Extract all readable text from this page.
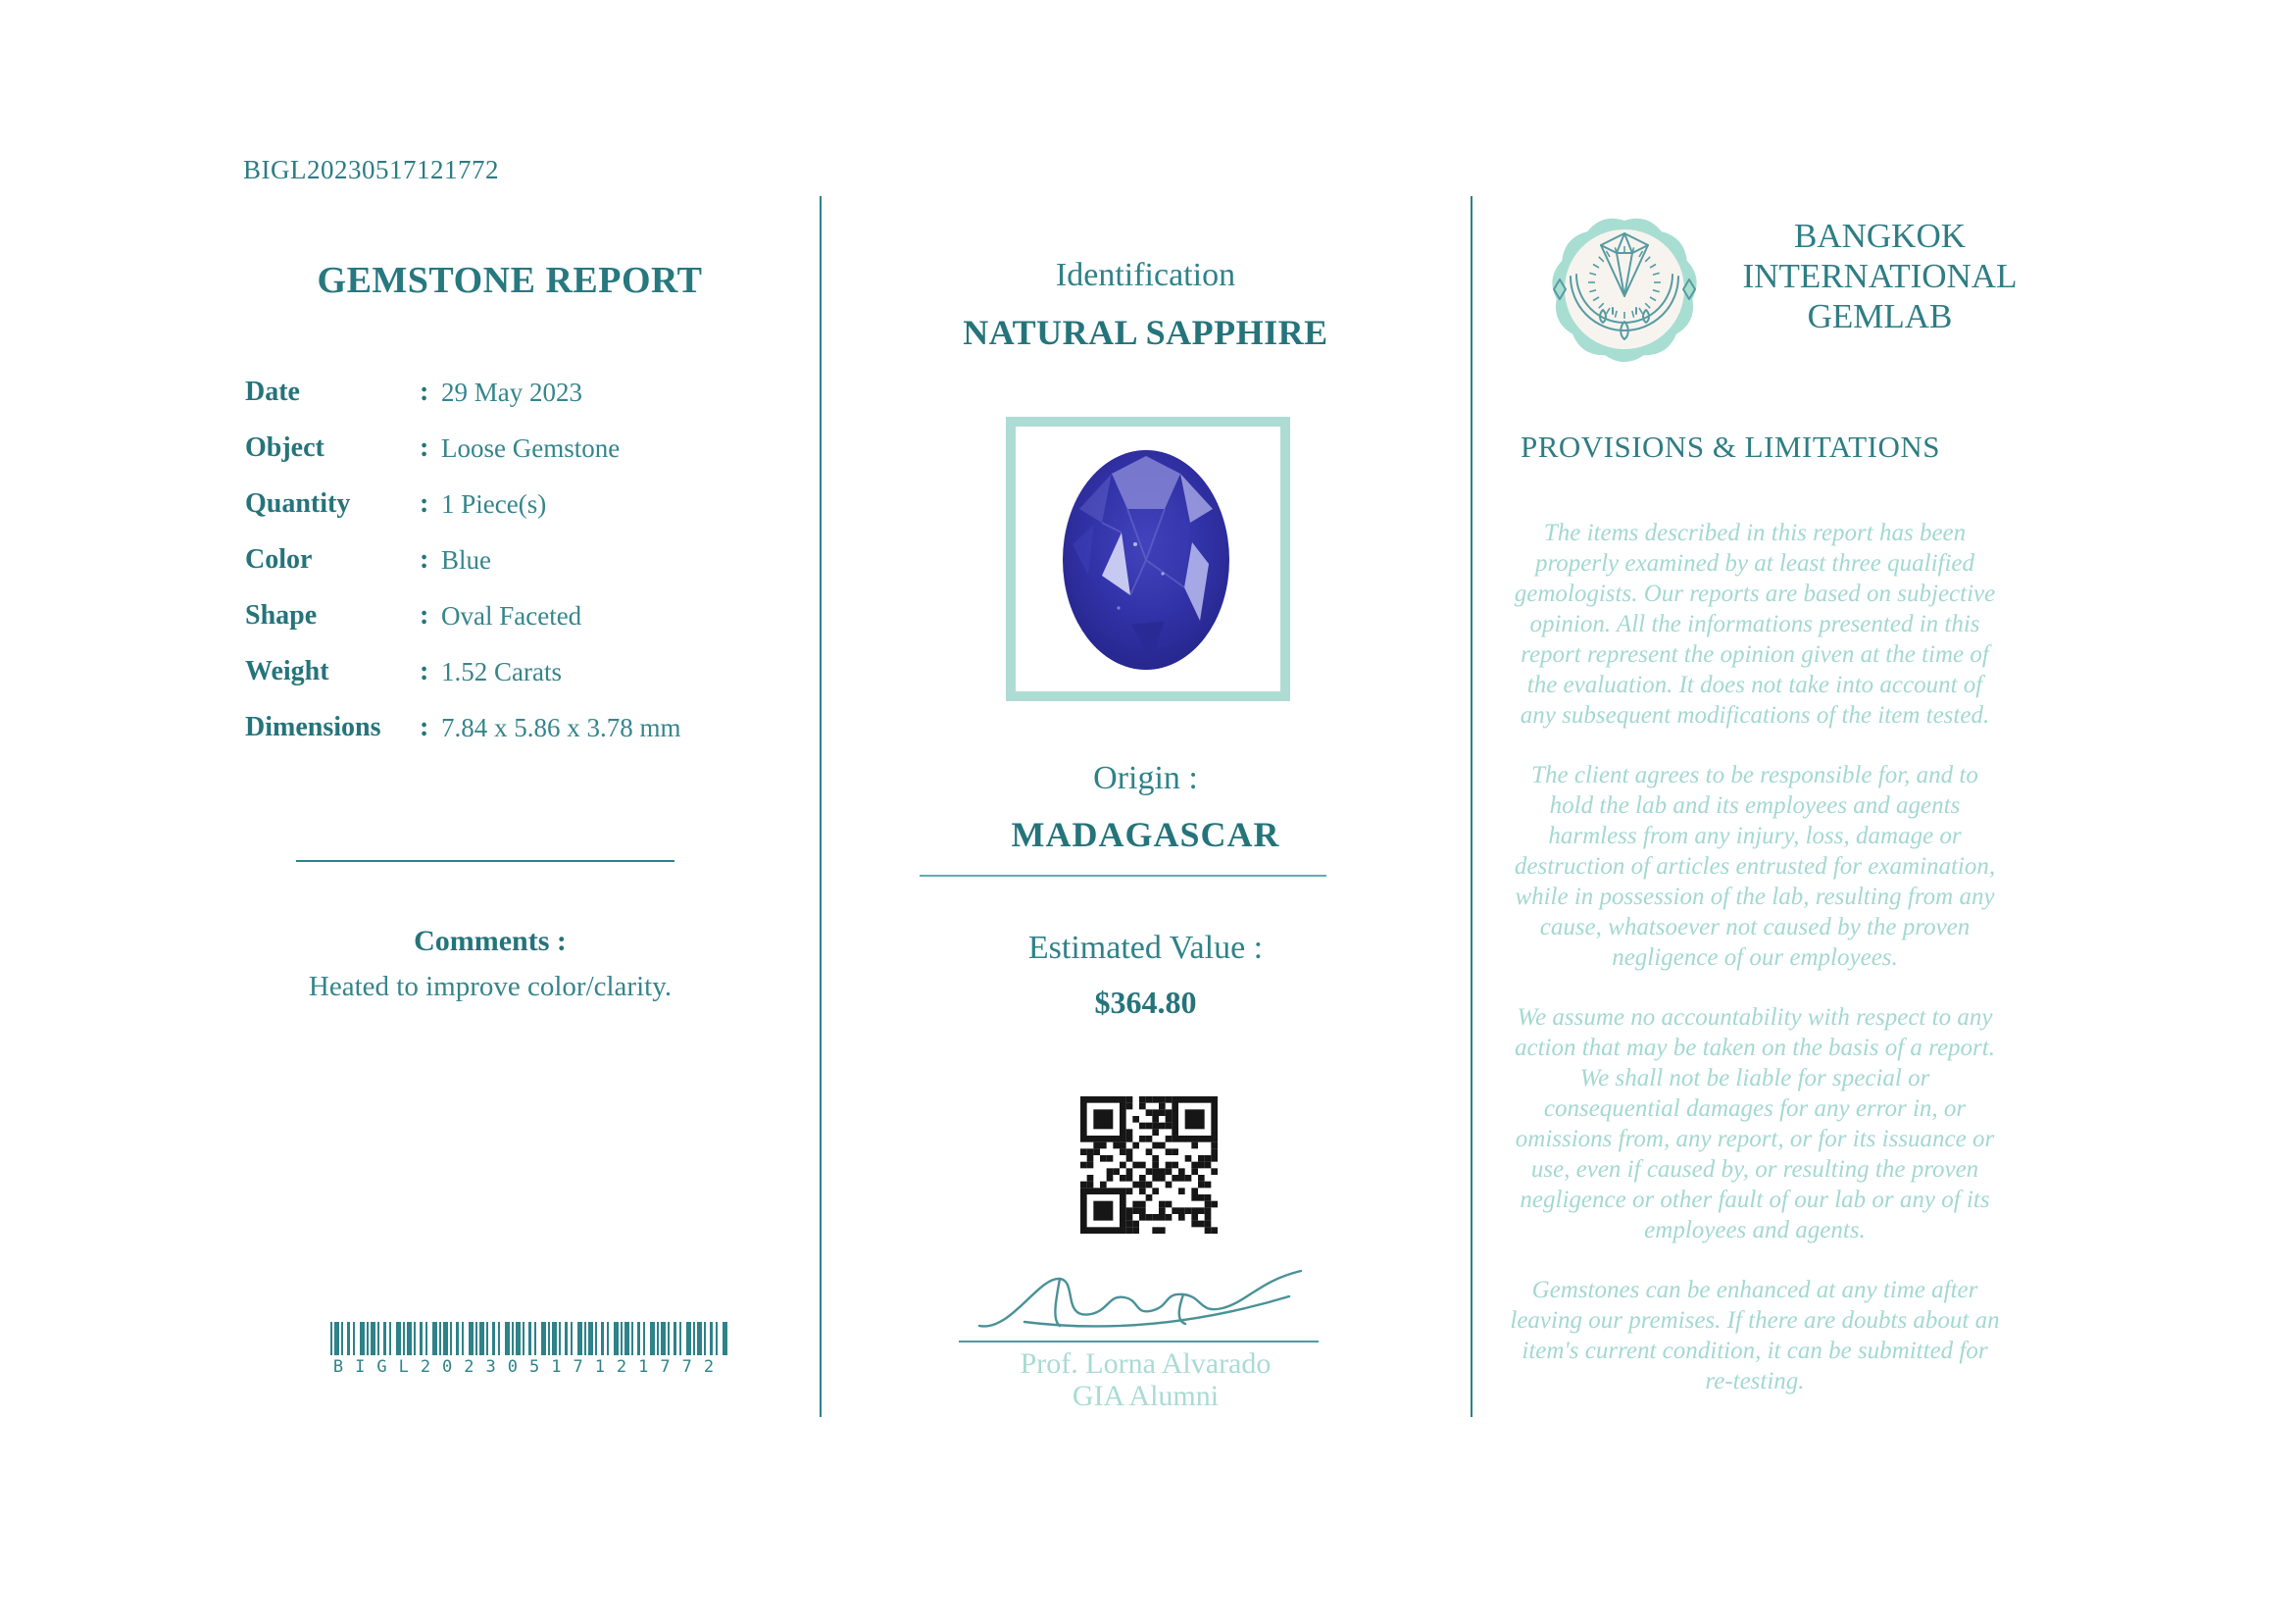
BIGL20230517121772
GEMSTONE REPORT
Date	: 29 May 2023
Object	: Loose Gemstone
Quantity	: 1 Piece(s)
Color	: Blue
Shape	: Oval Faceted
Weight	: 1.52 Carats
Dimensions	: 7.84 x 5.86 x 3.78 mm
Comments :
Heated to improve color/clarity.
BIGL20230517121772
Identification
NATURAL SAPPHIRE
Origin :
MADAGASCAR
Estimated Value :
$364.80
Prof. Lorna Alvarado
GIA Alumni
BANGKOK
INTERNATIONAL
GEMLAB
PROVISIONS & LIMITATIONS

The items described in this report has been properly examined by at least three qualified gemologists. Our reports are based on subjective opinion. All the informations presented in this report represent the opinion given at the time of the evaluation. It does not take into account of any subsequent modifications of the item tested.

The client agrees to be responsible for, and to hold the lab and its employees and agents harmless from any injury, loss, damage or destruction of articles entrusted for examination, while in possession of the lab, resulting from any cause, whatsoever not caused by the proven negligence of our employees.

We assume no accountability with respect to any action that may be taken on the basis of a report. We shall not be liable for special or consequential damages for any error in, or omissions from, any report, or for its issuance or use, even if caused by, or resulting the proven negligence or other fault of our lab or any of its employees and agents.

Gemstones can be enhanced at any time after leaving our premises. If there are doubts about an item's current condition, it can be submitted for re-testing.
